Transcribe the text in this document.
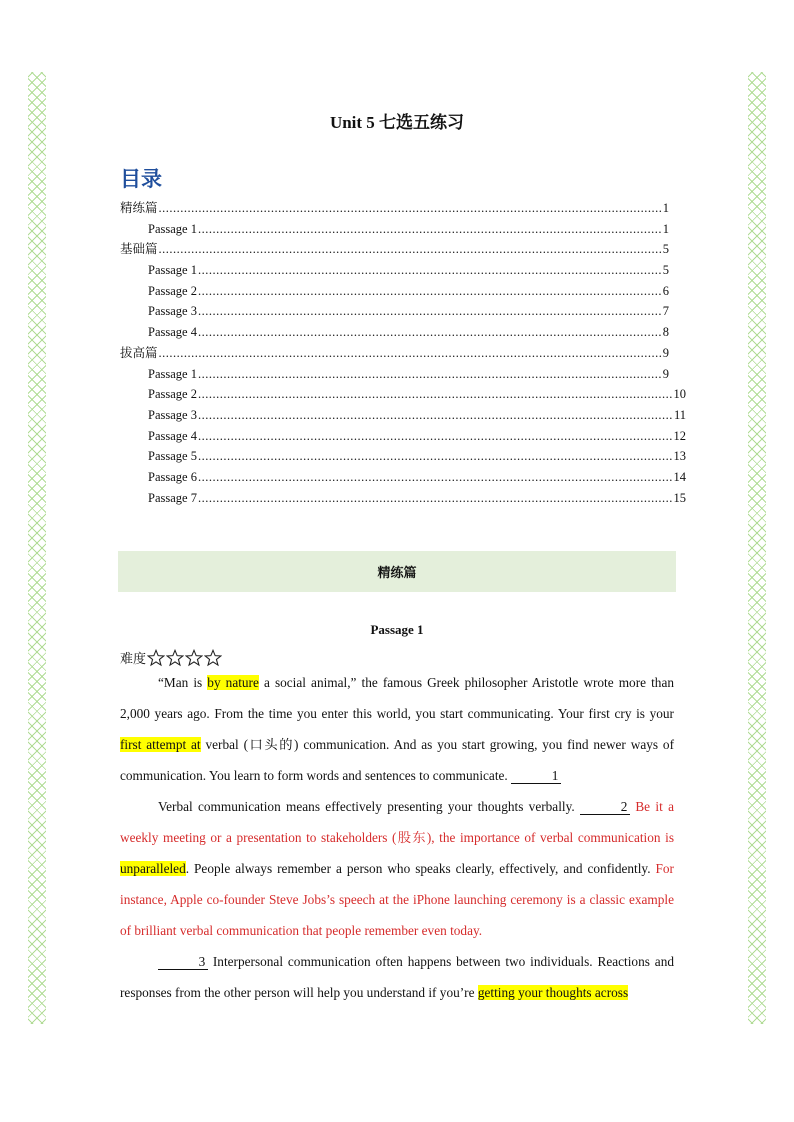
Unit 5 七选五练习
目录
精练篇 .....	1
Passage 1 .....	1
基础篇 .....	5
Passage 1 .....	5
Passage 2 .....	6
Passage 3 .....	7
Passage 4 .....	8
拔高篇 .....	9
Passage 1 .....	9
Passage 2 .....	10
Passage 3 .....	11
Passage 4 .....	12
Passage 5 .....	13
Passage 6 .....	14
Passage 7 .....	15
精练篇
Passage 1
难度

“Man is by nature a social animal,” the famous Greek philosopher Aristotle wrote more than 2,000 years ago. From the time you enter this world, you start communicating. Your first cry is your first attempt at verbal (口头的) communication. And as you start growing, you find newer ways of communication. You learn to form words and sentences to communicate.	1

Verbal communication means effectively presenting your thoughts verbally.	2 Be it a weekly meeting or a presentation to stakeholders (股东), the importance of verbal communication is unparalleled. People always remember a person who speaks clearly, effectively, and confidently. For instance, Apple co-founder Steve Jobs’s speech at the iPhone launching ceremony is a classic example of brilliant verbal communication that people remember even today.

3 Interpersonal communication often happens between two individuals. Reactions and responses from the other person will help you understand if you’re getting your thoughts across
